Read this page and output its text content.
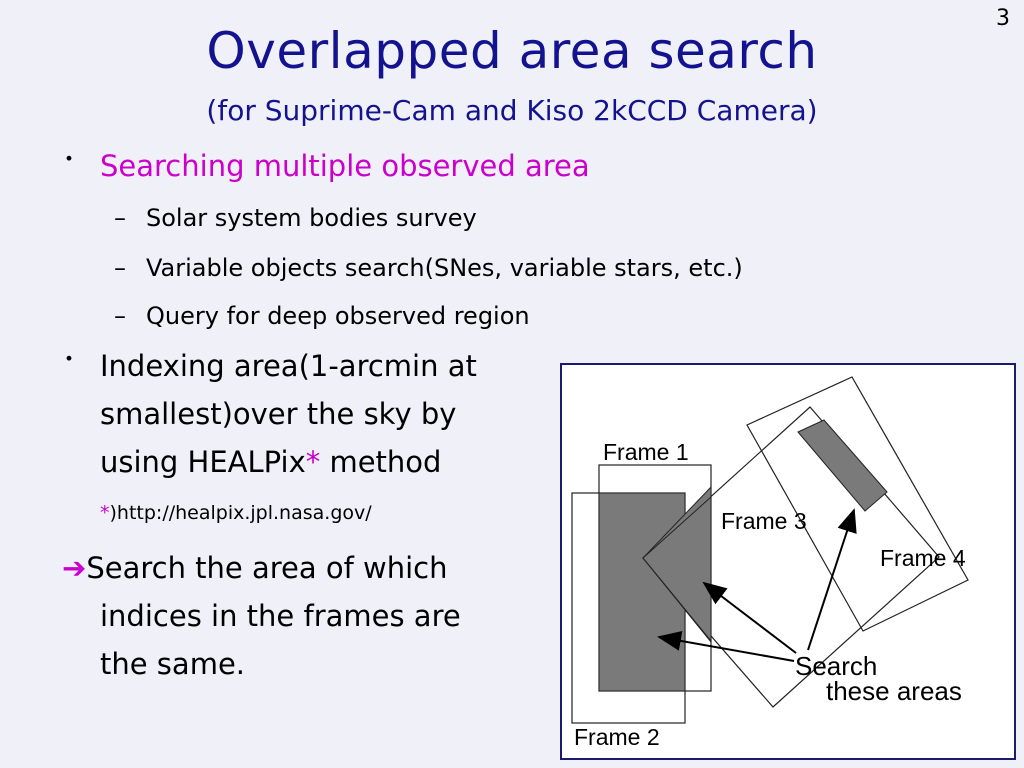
3
Overlapped area search
(for Suprime-Cam and Kiso 2kCCD Camera)
・ Searching multiple observed area
– Solar system bodies survey
– Variable objects search(SNes, variable stars, etc.)
– Query for deep observed region
・ Indexing area(1-arcmin at
smallest)over the sky by
using HEALPix* method
*)http://healpix.jpl.nasa.gov/
➔Search the area of which
indices in the frames are
the same.
Frame 1
Frame 3
Frame 4
Frame 2
Search
these areas
